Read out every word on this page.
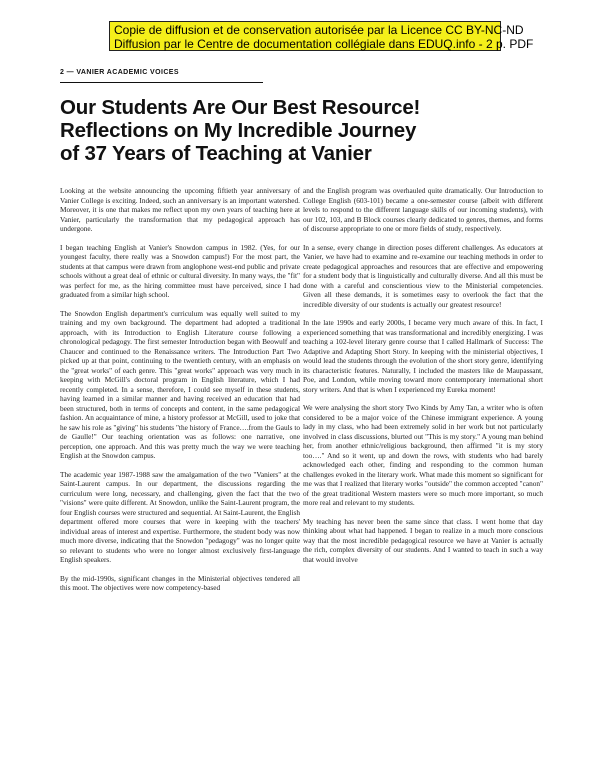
Copie de diffusion et de conservation autorisée par la Licence CC BY-NC-ND
Diffusion par le Centre de documentation collégiale dans EDUQ.info - 2 p. PDF
2 — VANIER ACADEMIC VOICES
Our Students Are Our Best Resource!
Reflections on My Incredible Journey
of 37 Years of Teaching at Vanier

Looking at the website announcing the upcoming fiftieth year anniversary of Vanier College is exciting. Indeed, such an anniversary is an important watershed. Moreover, it is one that makes me reflect upon my own years of teaching here at Vanier, particularly the transformation that my pedagogical approach has undergone.

I began teaching English at Vanier's Snowdon campus in 1982. (Yes, for our youngest faculty, there really was a Snowdon campus!) For the most part, the students at that campus were drawn from anglophone west-end public and private schools without a great deal of ethnic or cultural diversity. In many ways, the "fit" was perfect for me, as the hiring committee must have perceived, since I had graduated from a similar high school.

The Snowdon English department's curriculum was equally well suited to my training and my own background. The department had adopted a traditional approach, with its Introduction to English Literature course following a chronological pedagogy. The first semester Introduction began with Beowulf and Chaucer and continued to the Renaissance writers. The Introduction Part Two picked up at that point, continuing to the twentieth century, with an emphasis on the "great works" of each genre. This "great works" approach was very much in keeping with McGill's doctoral program in English literature, which I had recently completed. In a sense, therefore, I could see myself in these students, having learned in a similar manner and having received an education that had been structured, both in terms of concepts and content, in the same pedagogical fashion. An acquaintance of mine, a history professor at McGill, used to joke that he saw his role as "giving" his students "the history of France….from the Gauls to de Gaulle!" Our teaching orientation was as follows: one narrative, one perception, one approach. And this was pretty much the way we were teaching English at the Snowdon campus.

The academic year 1987-1988 saw the amalgamation of the two "Vaniers" at the Saint-Laurent campus. In our department, the discussions regarding the curriculum were long, necessary, and challenging, given the fact that the two "visions" were quite different. At Snowdon, unlike the Saint-Laurent program, the four English courses were structured and sequential. At Saint-Laurent, the English department offered more courses that were in keeping with the teachers' individual areas of interest and expertise. Furthermore, the student body was now much more diverse, indicating that the Snowdon "pedagogy" was no longer quite so relevant to students who were no longer almost exclusively first-language English speakers.

By the mid-1990s, significant changes in the Ministerial objectives tendered all this moot. The objectives were now competency-based

and the English program was overhauled quite dramatically. Our Introduction to College English (603-101) became a one-semester course (albeit with different levels to respond to the different language skills of our incoming students), with our 102, 103, and B Block courses clearly dedicated to genres, themes, and forms of discourse appropriate to one or more fields of study, respectively.

In a sense, every change in direction poses different challenges. As educators at Vanier, we have had to examine and re-examine our teaching methods in order to create pedagogical approaches and resources that are effective and empowering for a student body that is linguistically and culturally diverse. And all this must be done with a careful and conscientious view to the Ministerial competencies. Given all these demands, it is sometimes easy to overlook the fact that the incredible diversity of our students is actually our greatest resource!

In the late 1990s and early 2000s, I became very much aware of this. In fact, I experienced something that was transformational and incredibly energizing. I was teaching a 102-level literary genre course that I called Hallmark of Success: The Adaptive and Adapting Short Story. In keeping with the ministerial objectives, I would lead the students through the evolution of the short story genre, identifying its characteristic features. Naturally, I included the masters like de Maupassant, Poe, and London, while moving toward more contemporary international short story writers. And that is when I experienced my Eureka moment!

We were analysing the short story Two Kinds by Amy Tan, a writer who is often considered to be a major voice of the Chinese immigrant experience. A young lady in my class, who had been extremely solid in her work but not particularly involved in class discussions, blurted out "This is my story." A young man behind her, from another ethnic/religious background, then affirmed "it is my story too…." And so it went, up and down the rows, with students who had barely acknowledged each other, finding and responding to the common human challenges evoked in the literary work. What made this moment so significant for me was that I realized that literary works "outside" the common accepted "canon" of the great traditional Western masters were so much more important, so much more real and relevant to my students.

My teaching has never been the same since that class. I went home that day thinking about what had happened. I began to realize in a much more conscious way that the most incredible pedagogical resource we have at Vanier is actually the rich, complex diversity of our students. And I wanted to teach in such a way that would involve
